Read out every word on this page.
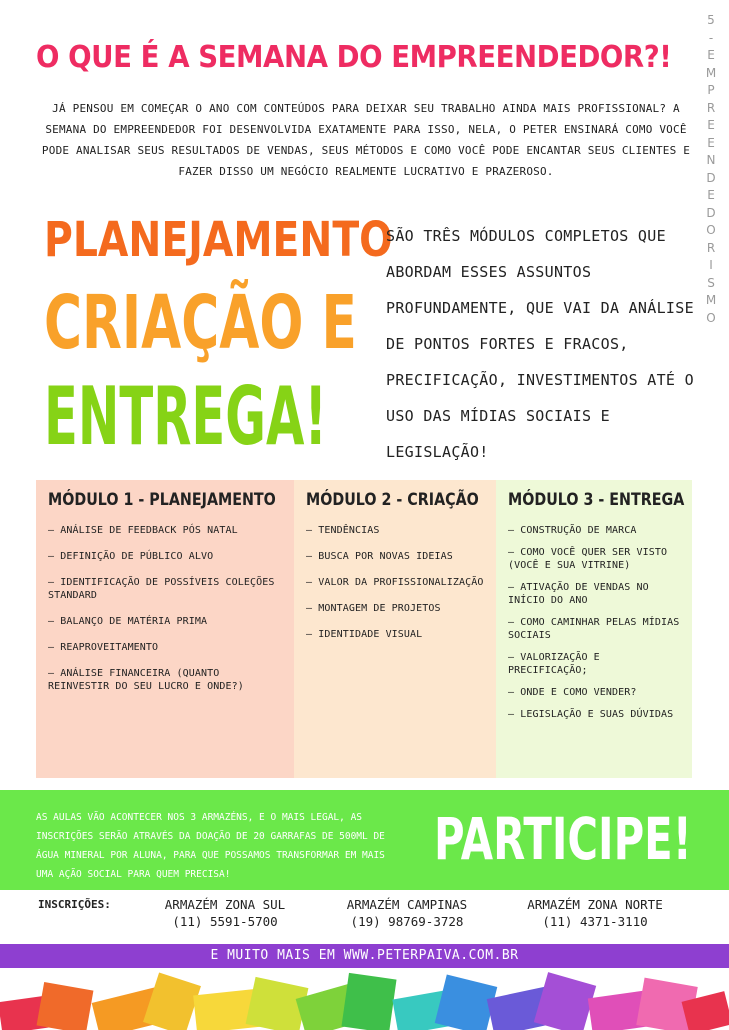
5
-
E
M
P
R
E
E
N
D
E
D
O
R
I
S
M
O
O QUE É A SEMANA DO EMPREENDEDOR?!
JÁ PENSOU EM COMEÇAR O ANO COM CONTEÚDOS PARA DEIXAR SEU TRABALHO AINDA MAIS PROFISSIONAL? A SEMANA DO EMPREENDEDOR FOI DESENVOLVIDA EXATAMENTE PARA ISSO, NELA, O PETER ENSINARÁ COMO VOCÊ PODE ANALISAR SEUS RESULTADOS DE VENDAS, SEUS MÉTODOS E COMO VOCÊ PODE ENCANTAR SEUS CLIENTES E FAZER DISSO UM NEGÓCIO REALMENTE LUCRATIVO E PRAZEROSO.
PLANEJAMENTO
CRIAÇÃO E
ENTREGA!
SÃO TRÊS MÓDULOS COMPLETOS QUE ABORDAM ESSES ASSUNTOS PROFUNDAMENTE, QUE VAI DA ANÁLISE DE PONTOS FORTES E FRACOS, PRECIFICAÇÃO, INVESTIMENTOS ATÉ O USO DAS MÍDIAS SOCIAIS E LEGISLAÇÃO!
MÓDULO 1 - PLANEJAMENTO
– ANÁLISE DE FEEDBACK PÓS NATAL
– DEFINIÇÃO DE PÚBLICO ALVO
– IDENTIFICAÇÃO DE POSSÍVEIS COLEÇÕES STANDARD
– BALANÇO DE MATÉRIA PRIMA
– REAPROVEITAMENTO
– ANÁLISE FINANCEIRA (QUANTO REINVESTIR DO SEU LUCRO E ONDE?)
MÓDULO 2 - CRIAÇÃO
– TENDÊNCIAS
– BUSCA POR NOVAS IDEIAS
– VALOR DA PROFISSIONALIZAÇÃO
– MONTAGEM DE PROJETOS
– IDENTIDADE VISUAL
MÓDULO 3 - ENTREGA
– CONSTRUÇÃO DE MARCA
– COMO VOCÊ QUER SER VISTO (VOCÊ E SUA VITRINE)
– ATIVAÇÃO DE VENDAS NO INÍCIO DO ANO
– COMO CAMINHAR PELAS MÍDIAS SOCIAIS
– VALORIZAÇÃO E PRECIFICAÇÃO;
– ONDE E COMO VENDER?
– LEGISLAÇÃO E SUAS DÚVIDAS
AS AULAS VÃO ACONTECER NOS 3 ARMAZÉNS, E O MAIS LEGAL, AS INSCRIÇÕES SERÃO ATRAVÉS DA DOAÇÃO DE 20 GARRAFAS DE 500ML DE ÁGUA MINERAL POR ALUNA, PARA QUE POSSAMOS TRANSFORMAR EM MAIS UMA AÇÃO SOCIAL PARA QUEM PRECISA!
PARTICIPE!
INSCRIÇÕES:	ARMAZÉM ZONA SUL
(11) 5591-5700
ARMAZÉM CAMPINAS
(19) 98769-3728
ARMAZÉM ZONA NORTE
(11) 4371-3110
E MUITO MAIS EM WWW.PETERPAIVA.COM.BR
